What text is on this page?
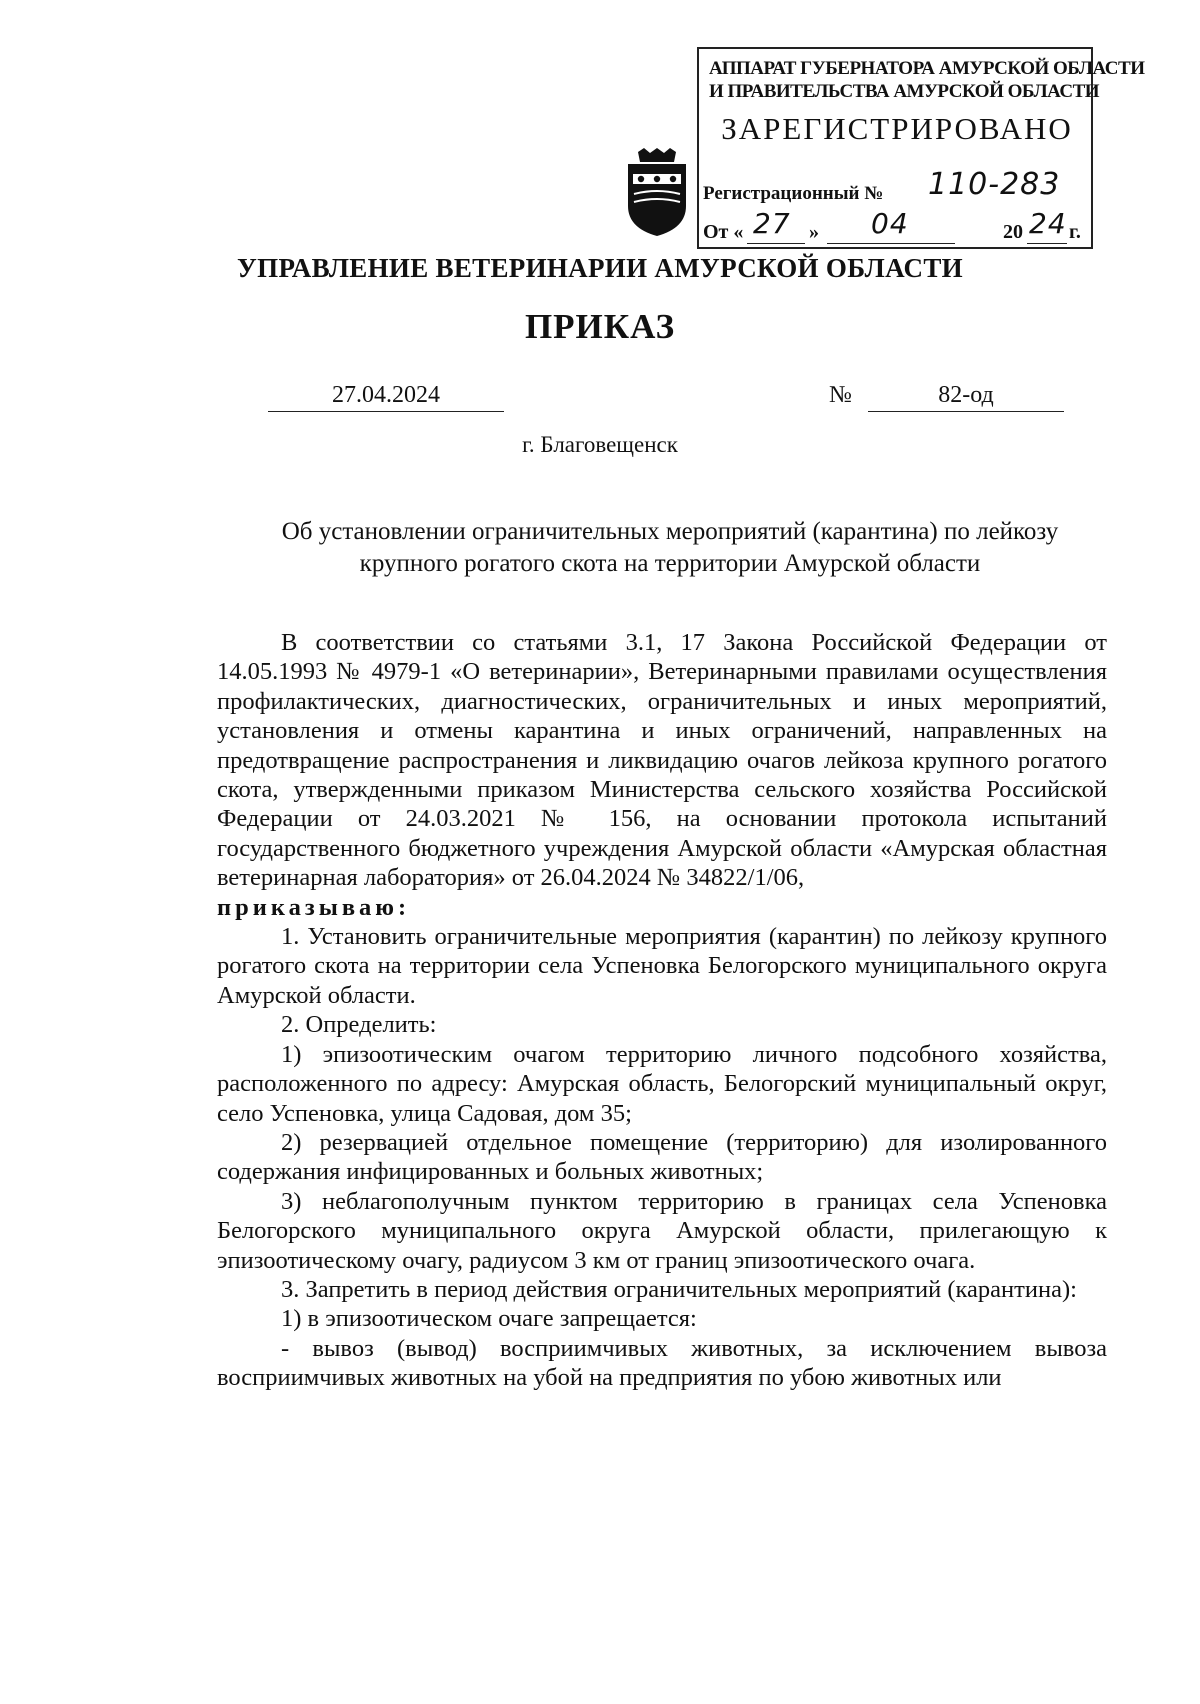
АППАРАТ ГУБЕРНАТОРА АМУРСКОЙ ОБЛАСТИ
И ПРАВИТЕЛЬСТВА АМУРСКОЙ ОБЛАСТИ
ЗАРЕГИСТРИРОВАНО
Регистрационный № 110-283
От « 27 » 04	20 24 г.
УПРАВЛЕНИЕ ВЕТЕРИНАРИИ АМУРСКОЙ ОБЛАСТИ
ПРИКАЗ
27.04.2024	№	82-од
г. Благовещенск
Об установлении ограничительных мероприятий (карантина) по лейкозу
крупного рогатого скота на территории Амурской области

В соответствии со статьями 3.1, 17 Закона Российской Федерации от 14.05.1993 № 4979-1 «О ветеринарии», Ветеринарными правилами осуществления профилактических, диагностических, ограничительных и иных мероприятий, установления и отмены карантина и иных ограничений, направленных на предотвращение распространения и ликвидацию очагов лейкоза крупного рогатого скота, утвержденными приказом Министерства сельского хозяйства Российской Федерации от 24.03.2021 № 156, на основании протокола испытаний государственного бюджетного учреждения Амурской области «Амурская областная ветеринарная лаборатория» от 26.04.2024 № 34822/1/06,

приказываю:

1. Установить ограничительные мероприятия (карантин) по лейкозу крупного рогатого скота на территории села Успеновка Белогорского муниципального округа Амурской области.

2. Определить:

1) эпизоотическим очагом территорию личного подсобного хозяйства, расположенного по адресу: Амурская область, Белогорский муниципальный округ, село Успеновка, улица Садовая, дом 35;

2) резервацией отдельное помещение (территорию) для изолированного содержания инфицированных и больных животных;

3) неблагополучным пунктом территорию в границах села Успеновка Белогорского муниципального округа Амурской области, прилегающую к эпизоотическому очагу, радиусом 3 км от границ эпизоотического очага.

3. Запретить в период действия ограничительных мероприятий (карантина):

1) в эпизоотическом очаге запрещается:

- вывоз (вывод) восприимчивых животных, за исключением вывоза восприимчивых животных на убой на предприятия по убою животных или
